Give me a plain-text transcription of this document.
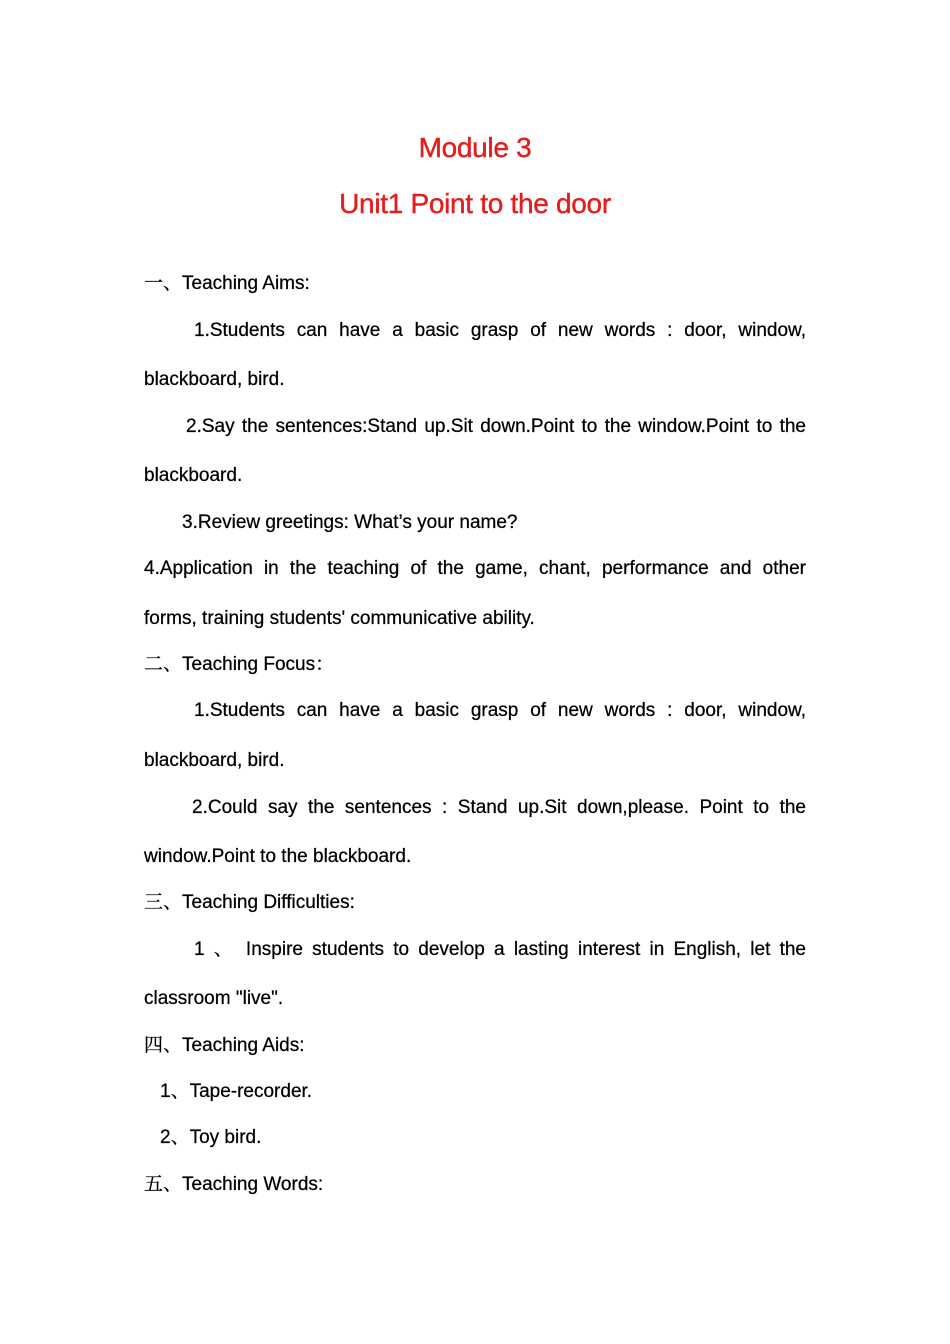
Module 3
Unit1 Point to the door
一、Teaching Aims:
1.Students can have a basic grasp of new words : door, window,
blackboard, bird.
2.Say the sentences:Stand up.Sit down.Point to the window.Point to the
blackboard.
3.Review greetings: What’s your name?
4.Application in the teaching of the game, chant, performance and other
forms, training students' communicative ability.
二、Teaching Focus：
1.Students can have a basic grasp of new words : door, window,
blackboard, bird.
2.Could say the sentences : Stand up.Sit down,please. Point to the
window.Point to the blackboard.
三、Teaching Difficulties:
1 、 Inspire students to develop a lasting interest in English, let the
classroom "live".
四、Teaching Aids:
1、Tape-recorder.
2、Toy bird.
五、Teaching Words:
